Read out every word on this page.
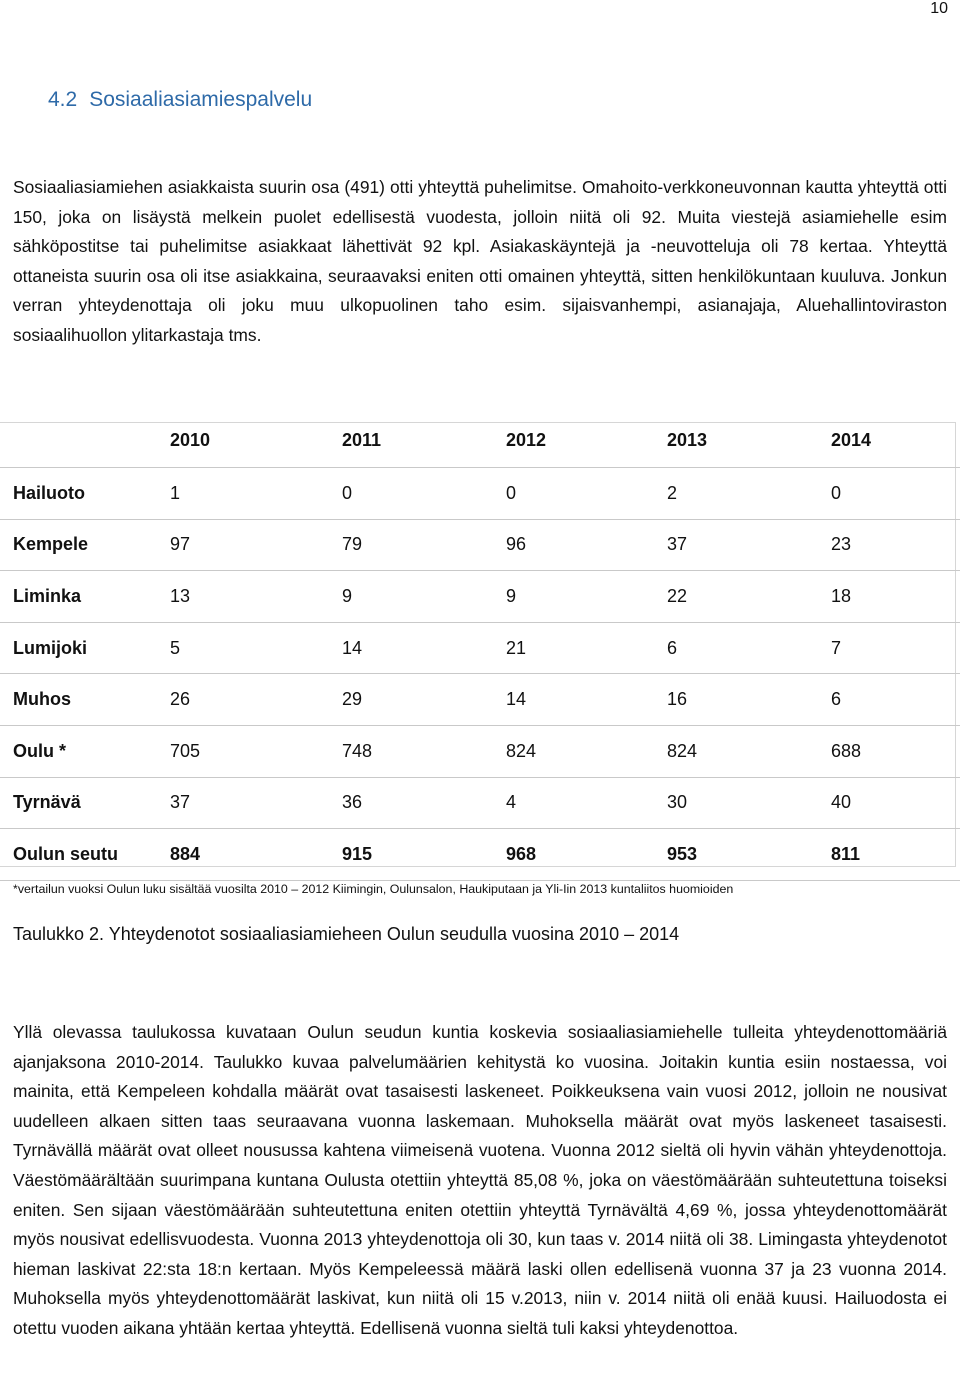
10
4.2 Sosiaaliasiamiespalvelu

Sosiaaliasiamiehen asiakkaista suurin osa (491) otti yhteyttä puhelimitse. Omahoito-verkkoneuvonnan kautta yhteyttä otti 150, joka on lisäystä melkein puolet edellisestä vuodesta, jolloin niitä oli 92. Muita viestejä asiamiehelle esim sähköpostitse tai puhelimitse asiakkaat lähettivät 92 kpl. Asiakaskäyntejä ja -neuvotteluja oli 78 kertaa. Yhteyttä ottaneista suurin osa oli itse asiakkaina, seuraavaksi eniten otti omainen yhteyttä, sitten henkilökuntaan kuuluva. Jonkun verran yhteydenottaja oli joku muu ulkopuolinen taho esim. sijaisvanhempi, asianajaja, Aluehallintoviraston sosiaalihuollon ylitarkastaja tms.

	2010	2011	2012	2013	2014
Hailuoto	1	0	0	2	0
Kempele	97	79	96	37	23
Liminka	13	9	9	22	18
Lumijoki	5	14	21	6	7
Muhos	26	29	14	16	6
Oulu *	705	748	824	824	688
Tyrnävä	37	36	4	30	40
Oulun seutu	884	915	968	953	811

*vertailun vuoksi Oulun luku sisältää vuosilta 2010 – 2012 Kiimingin, Oulunsalon, Haukiputaan ja Yli-Iin 2013 kuntaliitos huomioiden

Taulukko 2. Yhteydenotot sosiaaliasiamieheen Oulun seudulla vuosina 2010 – 2014

Yllä olevassa taulukossa kuvataan Oulun seudun kuntia koskevia sosiaaliasiamiehelle tulleita yhteydenottomääriä ajanjaksona 2010-2014. Taulukko kuvaa palvelumäärien kehitystä ko vuosina. Joitakin kuntia esiin nostaessa, voi mainita, että Kempeleen kohdalla määrät ovat tasaisesti laskeneet. Poikkeuksena vain vuosi 2012, jolloin ne nousivat uudelleen alkaen sitten taas seuraavana vuonna laskemaan. Muhoksella määrät ovat myös laskeneet tasaisesti. Tyrnävällä määrät ovat olleet nousussa kahtena viimeisenä vuotena. Vuonna 2012 sieltä oli hyvin vähän yhteydenottoja. Väestömäärältään suurimpana kuntana Oulusta otettiin yhteyttä 85,08 %, joka on väestömäärään suhteutettuna toiseksi eniten. Sen sijaan väestömäärään suhteutettuna eniten otettiin yhteyttä Tyrnävältä 4,69 %, jossa yhteydenottomäärät myös nousivat edellisvuodesta. Vuonna 2013 yhteydenottoja oli 30, kun taas v. 2014 niitä oli 38. Limingasta yhteydenotot hieman laskivat 22:sta 18:n kertaan. Myös Kempeleessä määrä laski ollen edellisenä vuonna 37 ja 23 vuonna 2014. Muhoksella myös yhteydenottomäärät laskivat, kun niitä oli 15 v.2013, niin v. 2014 niitä oli enää kuusi. Hailuodosta ei otettu vuoden aikana yhtään kertaa yhteyttä. Edellisenä vuonna sieltä tuli kaksi yhteydenottoa.
